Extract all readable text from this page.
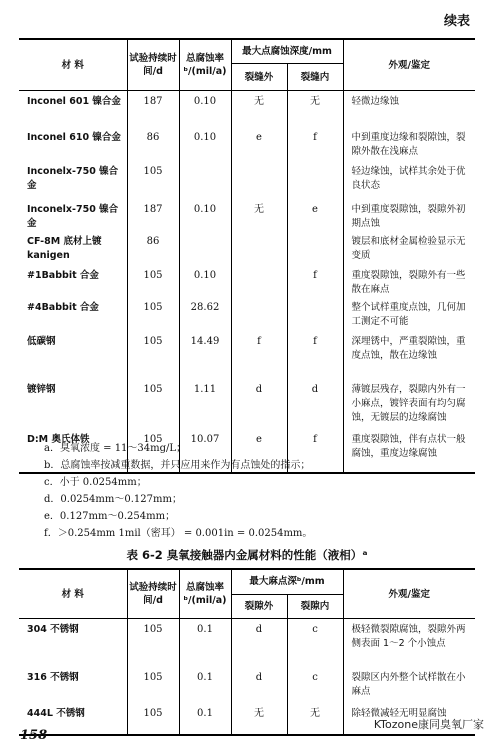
续表
材 料	试验持续时间/d	总腐蚀率ᵇ/(mil/a)	最大点腐蚀深度/mm		外观/鉴定
			裂缝外	裂缝内	
Inconel 601 镍合金	187	0.10	无	无	轻微边缘蚀
Inconel 610 镍合金	86	0.10	e	f	中到重度边缘和裂隙蚀，裂隙外散在浅麻点
Inconelx-750 镍合金	105				轻边缘蚀，试样其余处于优良状态
Inconelx-750 镍合金	187	0.10	无	e	中到重度裂隙蚀，裂隙外初期点蚀
CF-8M 底材上镀kanigen	86				镀层和底材金属检验显示无变质
#1Babbit 合金	105	0.10		f	重度裂隙蚀，裂隙外有一些散在麻点
#4Babbit 合金	105	28.62			整个试样重度点蚀，几何加工测定不可能
低碳钢	105	14.49	f	f	深埋锈中，严重裂隙蚀，重度点蚀，散在边缘蚀
镀锌钢	105	1.11	d	d	薄镀层残存，裂隙内外有一小麻点，镀锌表面有均匀腐蚀，无镀层的边缘腐蚀
D:M 奥氏体铁	105	10.07	e	f	重度裂隙蚀，伴有点状一般腐蚀，重度边缘腐蚀
a．臭氧浓度 = 11～34mg/L；
b．总腐蚀率按减重数据，并只应用来作为有点蚀处的指示；
c．小于 0.0254mm；
d．0.0254mm～0.127mm；
e．0.127mm～0.254mm；
f．＞0.254mm 1mil（密耳） = 0.001in = 0.0254mm。
表 6-2 臭氧接触器内金属材料的性能（液相）ᵃ
材 料	试验持续时间/d	总腐蚀率ᵇ/(mil/a)	最大麻点深ᵇ/mm		外观/鉴定
			裂隙外	裂隙内	
304 不锈钢	105	0.1	d	c	极轻微裂隙腐蚀，裂隙外两侧表面 1～2 个小蚀点
316 不锈钢	105	0.1	d	c	裂隙区内外整个试样散在小麻点
444L 不锈钢	105	0.1	无	无	除轻微减轻无明显腐蚀
158
KTozone康同臭氧厂家
